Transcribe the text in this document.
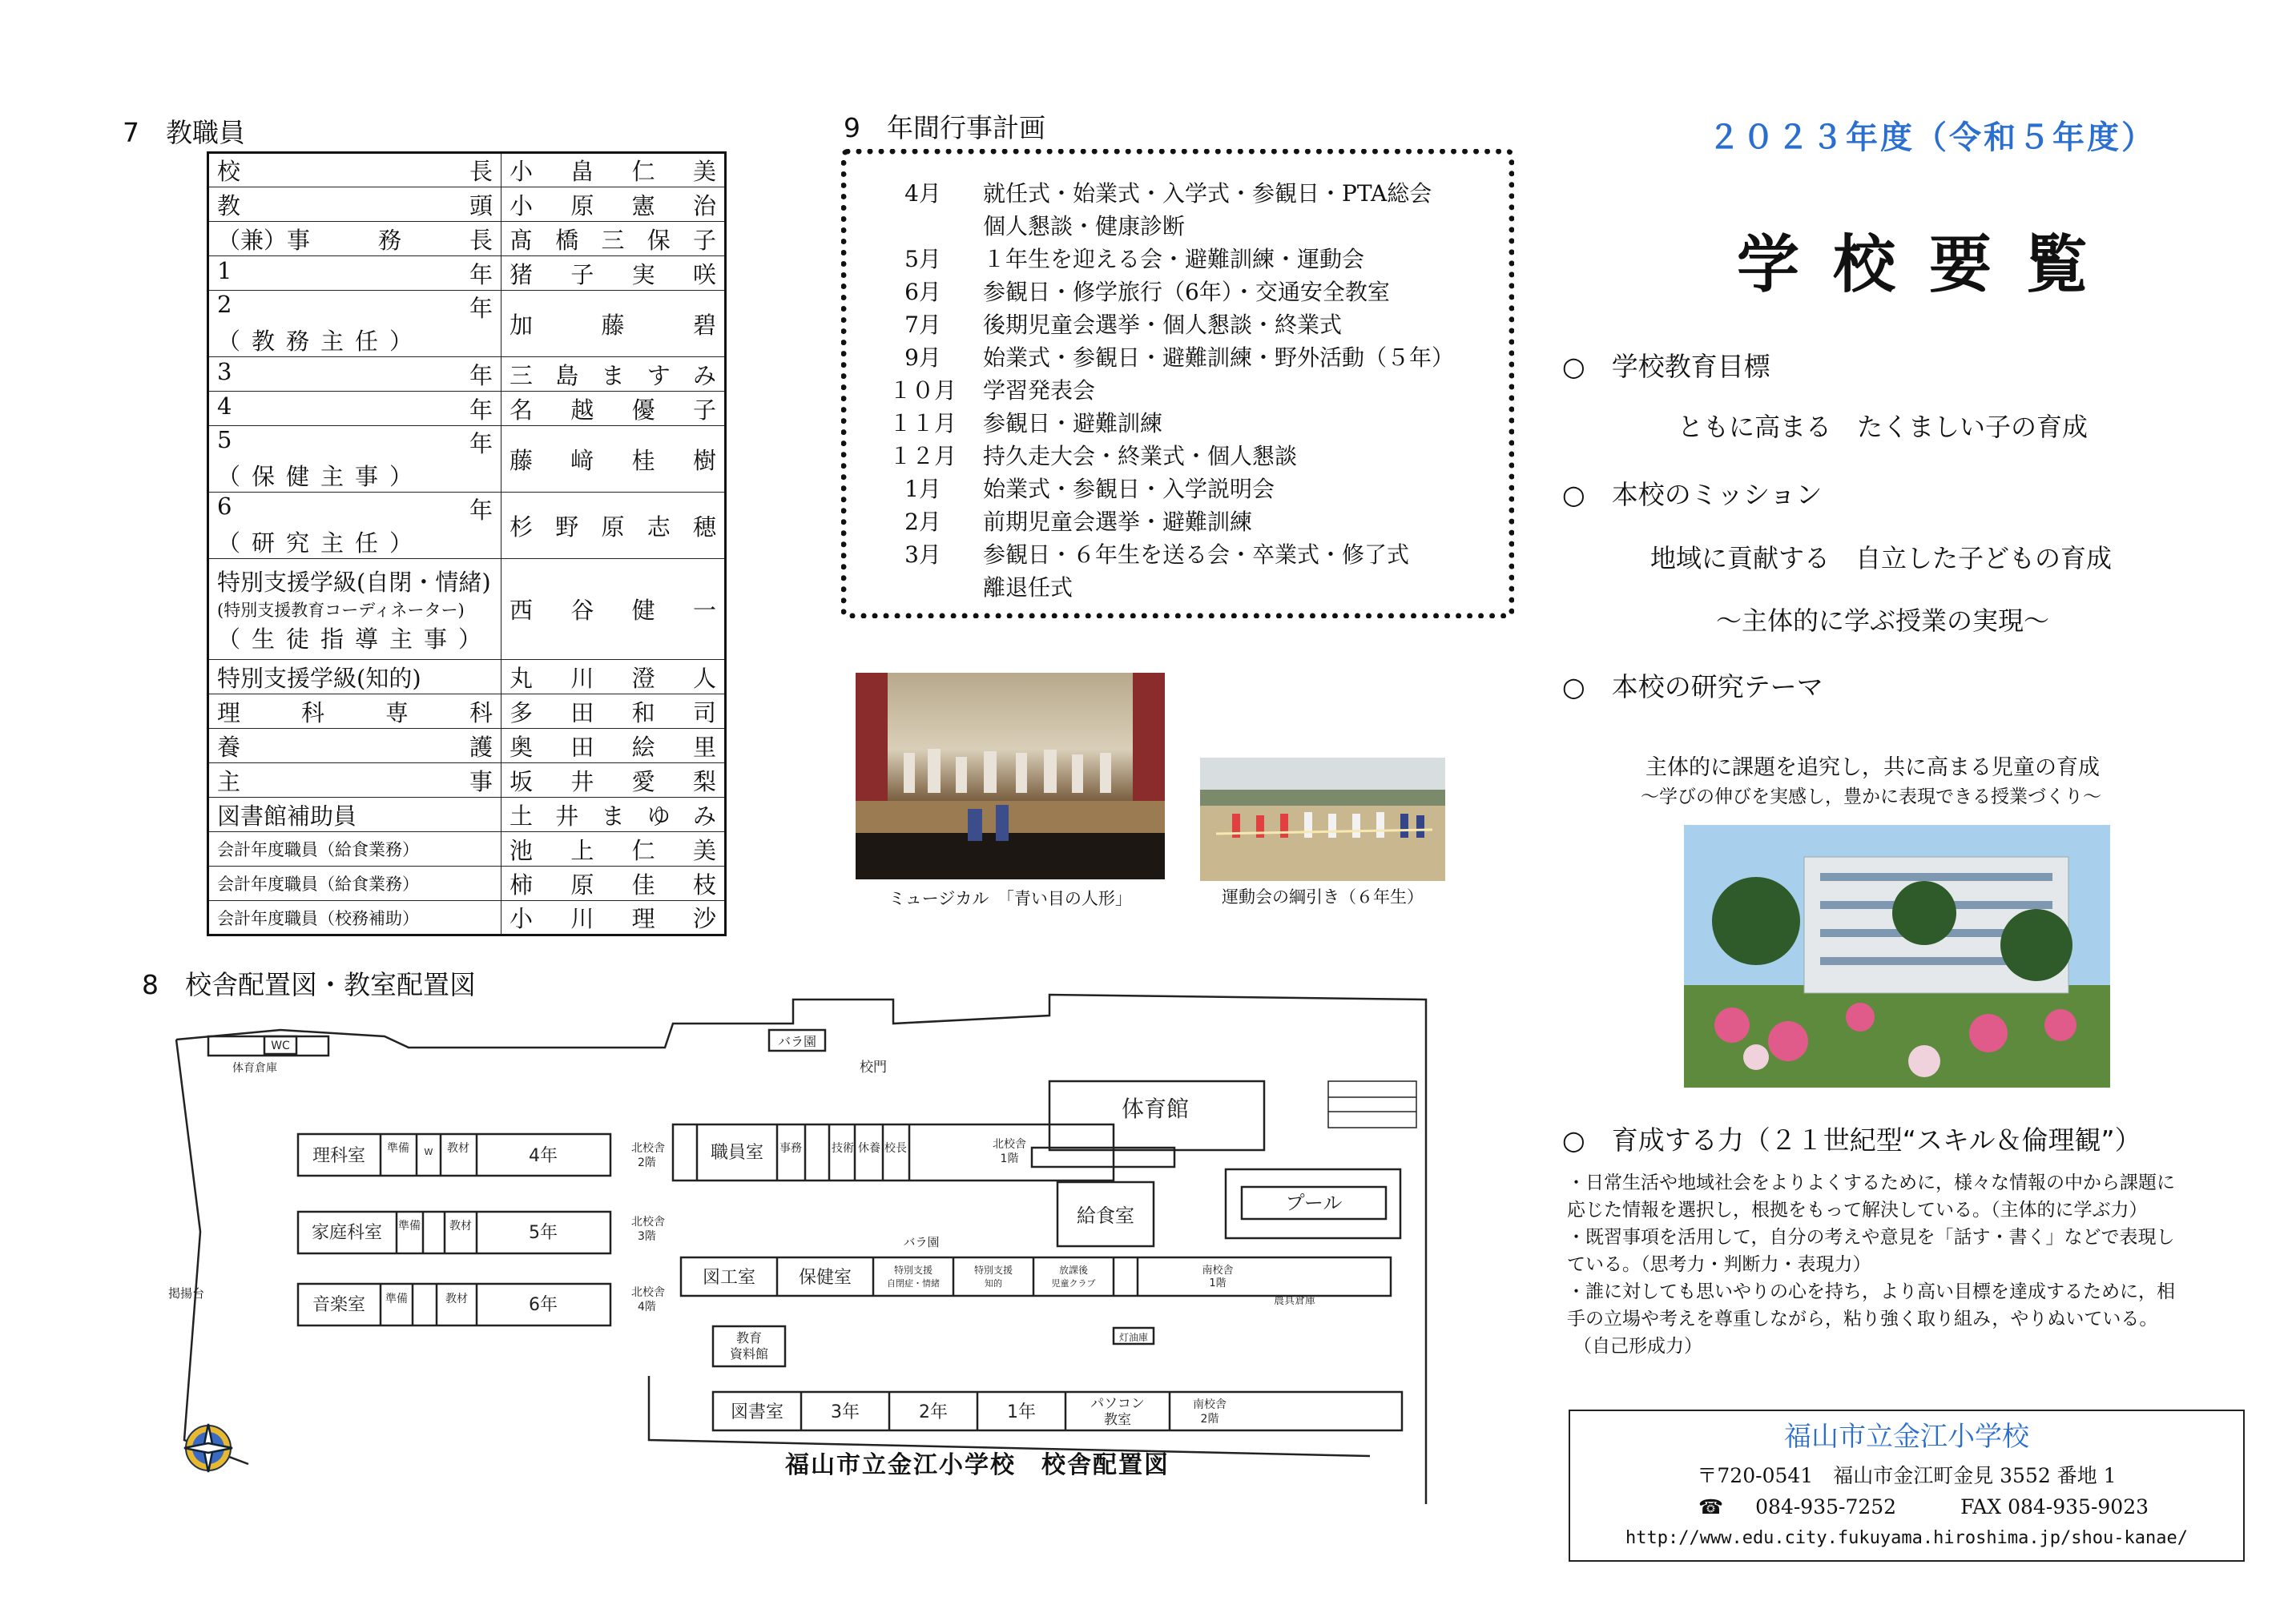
7　教職員
校 長	小畠仁美

教 頭	小原憲治

（兼）事 務 長	髙橋三保子

1 年	猪子実咲

2 年
（教務主任）	加藤碧

3 年	三島ますみ

4 年	名越優子

5 年
（保健主事）	藤﨑桂樹

6 年
（研究主任）	杉野原志穂

特別支援学級(自閉・情緒)
(特別支援教育コーディネーター)
（生徒指導主事）	西谷健一

特別支援学級(知的)	丸川澄人

理 科 専 科	多田和司

養 護	奥田絵里

主 事	坂井愛梨

図書館補助員	土井まゆみ

会計年度職員（給食業務）	池上仁美

会計年度職員（給食業務）	柿原佳枝

会計年度職員（校務補助）	小川理沙
9　年間行事計画
4月	就任式・始業式・入学式・参観日・PTA総会
個人懇談・健康診断
5月	１年生を迎える会・避難訓練・運動会
6月	参観日・修学旅行（6年）・交通安全教室
7月	後期児童会選挙・個人懇談・終業式
9月	始業式・参観日・避難訓練・野外活動（５年）
１０月	学習発表会
１１月	参観日・避難訓練
１２月	持久走大会・終業式・個人懇談
1月	始業式・参観日・入学説明会
2月	前期児童会選挙・避難訓練
3月	参観日・６年生を送る会・卒業式・修了式
離退任式
ミュージカル　「青い目の人形」	運動会の綱引き（６年生）
8　校舎配置図・教室配置図
WC
体育倉庫
バラ園
校門
体育館
理科室 準備 W 教材	4年	北校舎
2階
家庭科室 準備	教材	5年
北校舎
3階
音楽室 準備	教材	6年
北校舎
4階
職員室 事務	技術 休養 校長	北校舎
1階
給食室
プール
バラ園
掲揚台
図工室 保健室	特別支援
自閉症・情緒
特別支援
知的
放課後
児童クラブ
南校舎
1階
農具倉庫
教育
資料館
灯油庫
図書室	3年	2年	1年	パソコン
教室
南校舎
2階
福山市立金江小学校　校舎配置図
２０２３年度（令和５年度）
学校要覧
○　学校教育目標
ともに高まる　たくましい子の育成
○　本校のミッション
地域に貢献する　自立した子どもの育成
～主体的に学ぶ授業の実現～
○　本校の研究テーマ
主体的に課題を追究し，共に高まる児童の育成
～学びの伸びを実感し，豊かに表現できる授業づくり～
○　育成する力（２１世紀型“スキル＆倫理観”）
・日常生活や地域社会をよりよくするために，様々な情報の中から課題に
応じた情報を選択し，根拠をもって解決している。（主体的に学ぶ力）
・既習事項を活用して，自分の考えや意見を「話す・書く」などで表現し
ている。（思考力・判断力・表現力）
・誰に対しても思いやりの心を持ち，より高い目標を達成するために，相
手の立場や考えを尊重しながら，粘り強く取り組み，やりぬいている。
（自己形成力）
福山市立金江小学校
〒720-0541　福山市金江町金見 3552 番地 1
☎ 084-935-7252	FAX 084-935-9023
http://www.edu.city.fukuyama.hiroshima.jp/shou-kanae/
